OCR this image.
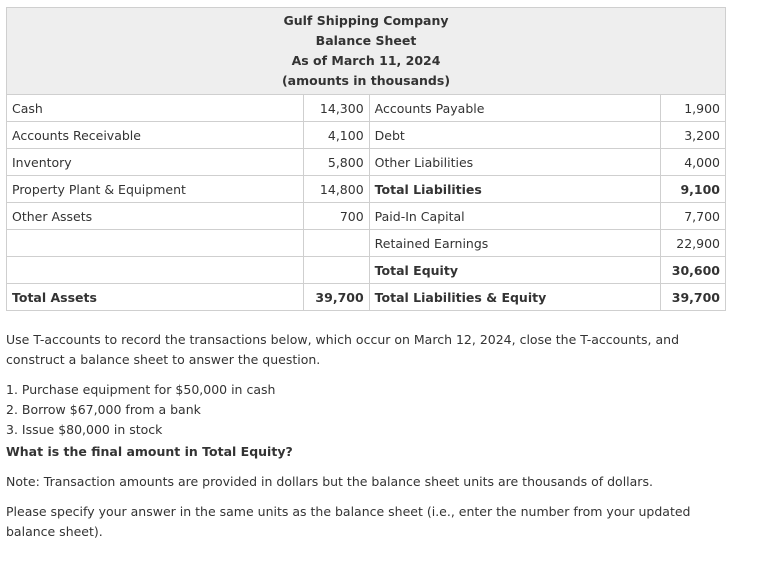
Gulf Shipping Company
Balance Sheet
As of March 11, 2024
(amounts in thousands)			

Cash	14,300	Accounts Payable	1,900
Accounts Receivable	4,100	Debt	3,200
Inventory	5,800	Other Liabilities	4,000
Property Plant & Equipment	14,800	Total Liabilities	9,100
Other Assets	700	Paid-In Capital	7,700
		Retained Earnings	22,900
		Total Equity	30,600
Total Assets	39,700	Total Liabilities & Equity	39,700

Use T-accounts to record the transactions below, which occur on March 12, 2024, close the T-accounts, and construct a balance sheet to answer the question.

1. Purchase equipment for $50,000 in cash
2. Borrow $67,000 from a bank
3. Issue $80,000 in stock

What is the final amount in Total Equity?

Note: Transaction amounts are provided in dollars but the balance sheet units are thousands of dollars.

Please specify your answer in the same units as the balance sheet (i.e., enter the number from your updated balance sheet).
